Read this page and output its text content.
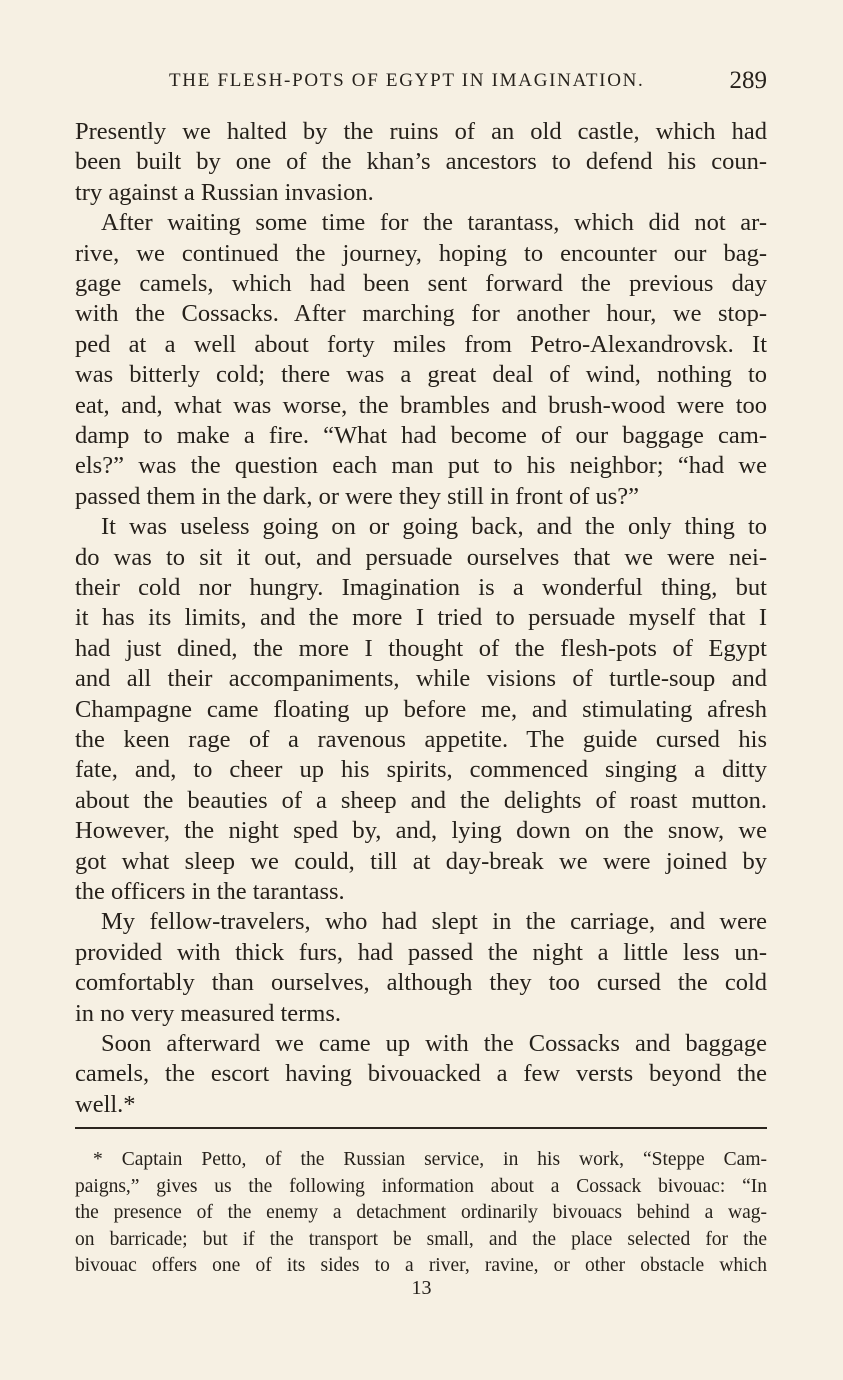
THE FLESH-POTS OF EGYPT IN IMAGINATION.	289
Presently we halted by the ruins of an old castle, which had
been built by one of the khan’s ancestors to defend his coun-
try against a Russian invasion.
After waiting some time for the tarantass, which did not ar-
rive, we continued the journey, hoping to encounter our bag-
gage camels, which had been sent forward the previous day
with the Cossacks. After marching for another hour, we stop-
ped at a well about forty miles from Petro-Alexandrovsk. It
was bitterly cold; there was a great deal of wind, nothing to
eat, and, what was worse, the brambles and brush-wood were too
damp to make a fire. “What had become of our baggage cam-
els?” was the question each man put to his neighbor; “had we
passed them in the dark, or were they still in front of us?”
It was useless going on or going back, and the only thing to
do was to sit it out, and persuade ourselves that we were nei-
their cold nor hungry. Imagination is a wonderful thing, but
it has its limits, and the more I tried to persuade myself that I
had just dined, the more I thought of the flesh-pots of Egypt
and all their accompaniments, while visions of turtle-soup and
Champagne came floating up before me, and stimulating afresh
the keen rage of a ravenous appetite. The guide cursed his
fate, and, to cheer up his spirits, commenced singing a ditty
about the beauties of a sheep and the delights of roast mutton.
However, the night sped by, and, lying down on the snow, we
got what sleep we could, till at day-break we were joined by
the officers in the tarantass.
My fellow-travelers, who had slept in the carriage, and were
provided with thick furs, had passed the night a little less un-
comfortably than ourselves, although they too cursed the cold
in no very measured terms.
Soon afterward we came up with the Cossacks and baggage
camels, the escort having bivouacked a few versts beyond the
well.*
* Captain Petto, of the Russian service, in his work, “Steppe Cam-
paigns,” gives us the following information about a Cossack bivouac: “In
the presence of the enemy a detachment ordinarily bivouacs behind a wag-
on barricade; but if the transport be small, and the place selected for the
bivouac offers one of its sides to a river, ravine, or other obstacle which
13
